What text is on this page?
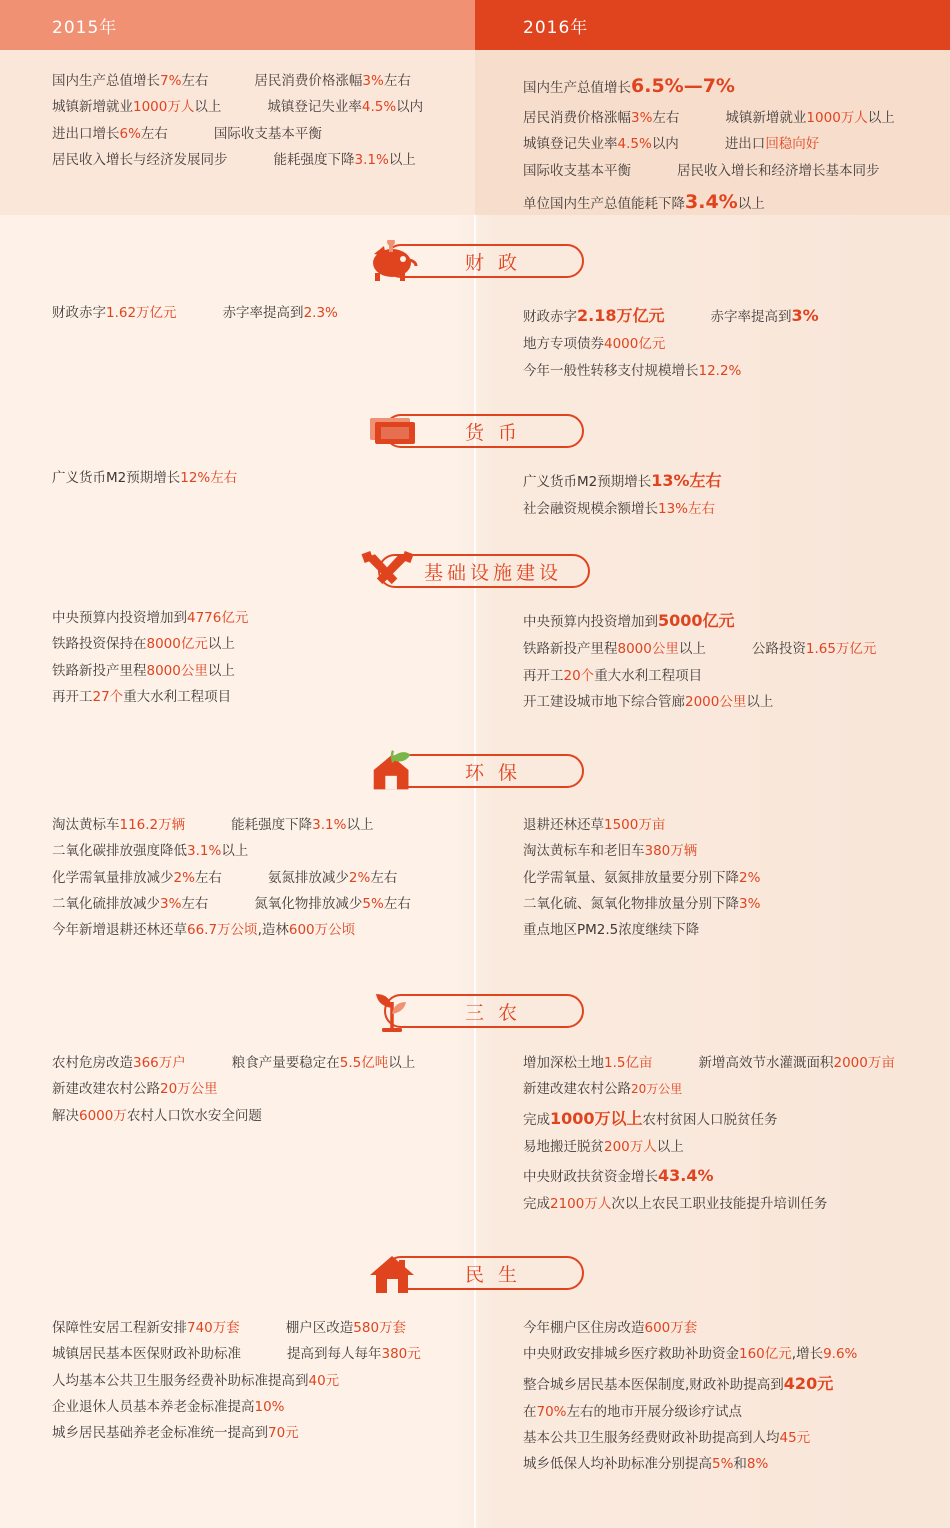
2015年	2016年
国内生产总值增长7%左右	居民消费价格涨幅3%左右
城镇新增就业1000万人以上	城镇登记失业率4.5%以内
进出口增长6%左右	国际收支基本平衡
居民收入增长与经济发展同步	能耗强度下降3.1%以上
国内生产总值增长6.5%—7%
居民消费价格涨幅3%左右	城镇新增就业1000万人以上
城镇登记失业率4.5%以内	进出口回稳向好
国际收支基本平衡	居民收入增长和经济增长基本同步
单位国内生产总值能耗下降3.4%以上
财 政
财政赤字1.62万亿元	赤字率提高到2.3%	财政赤字2.18万亿元	赤字率提高到3%
地方专项债券4000亿元
今年一般性转移支付规模增长12.2%
货 币
广义货币M2预期增长12%左右	广义货币M2预期增长13%左右
社会融资规模余额增长13%左右
基础设施建设
中央预算内投资增加到4776亿元
铁路投资保持在8000亿元以上
铁路新投产里程8000公里以上
再开工27个重大水利工程项目
中央预算内投资增加到5000亿元
铁路新投产里程8000公里以上	公路投资1.65万亿元
再开工20个重大水利工程项目
开工建设城市地下综合管廊2000公里以上
环 保
淘汰黄标车116.2万辆	能耗强度下降3.1%以上
二氧化碳排放强度降低3.1%以上
化学需氧量排放减少2%左右	氨氮排放减少2%左右
二氧化硫排放减少3%左右	氮氧化物排放减少5%左右
今年新增退耕还林还草66.7万公顷,造林600万公顷
退耕还林还草1500万亩
淘汰黄标车和老旧车380万辆
化学需氧量、氨氮排放量要分别下降2%
二氧化硫、氮氧化物排放量分别下降3%
重点地区PM2.5浓度继续下降
三 农
农村危房改造366万户	粮食产量要稳定在5.5亿吨以上
新建改建农村公路20万公里
解决6000万农村人口饮水安全问题
增加深松土地1.5亿亩	新增高效节水灌溉面积2000万亩
新建改建农村公路20万公里
完成1000万以上农村贫困人口脱贫任务
易地搬迁脱贫200万人以上
中央财政扶贫资金增长43.4%
完成2100万人次以上农民工职业技能提升培训任务
民 生
保障性安居工程新安排740万套	棚户区改造580万套
城镇居民基本医保财政补助标准	提高到每人每年380元
人均基本公共卫生服务经费补助标准提高到40元
企业退休人员基本养老金标准提高10%
城乡居民基础养老金标准统一提高到70元
今年棚户区住房改造600万套
中央财政安排城乡医疗救助补助资金160亿元,增长9.6%
整合城乡居民基本医保制度,财政补助提高到420元
在70%左右的地市开展分级诊疗试点
基本公共卫生服务经费财政补助提高到人均45元
城乡低保人均补助标准分别提高5%和8%
